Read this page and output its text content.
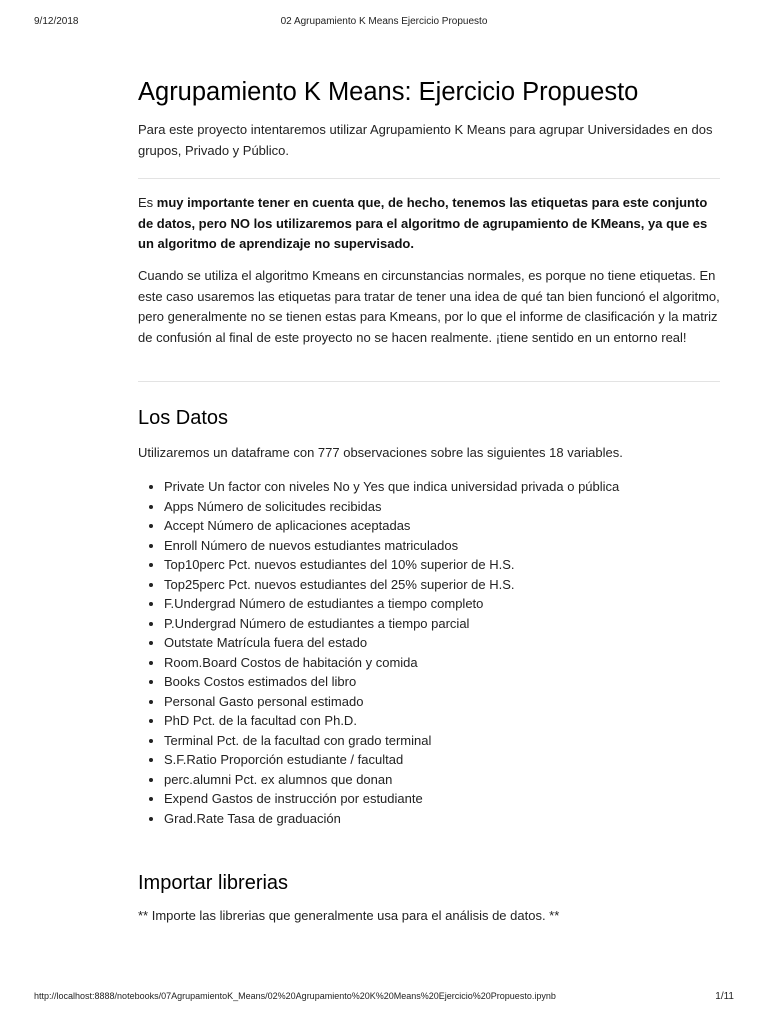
9/12/2018	02 Agrupamiento K Means Ejercicio Propuesto
Agrupamiento K Means: Ejercicio Propuesto

Para este proyecto intentaremos utilizar Agrupamiento K Means para agrupar Universidades en dos grupos, Privado y Público.

Es muy importante tener en cuenta que, de hecho, tenemos las etiquetas para este conjunto de datos, pero NO los utilizaremos para el algoritmo de agrupamiento de KMeans, ya que es un algoritmo de aprendizaje no supervisado.

Cuando se utiliza el algoritmo Kmeans en circunstancias normales, es porque no tiene etiquetas. En este caso usaremos las etiquetas para tratar de tener una idea de qué tan bien funcionó el algoritmo, pero generalmente no se tienen estas para Kmeans, por lo que el informe de clasificación y la matriz de confusión al final de este proyecto no se hacen realmente. ¡tiene sentido en un entorno real!

Los Datos

Utilizaremos un dataframe con 777 observaciones sobre las siguientes 18 variables.

Private Un factor con niveles No y Yes que indica universidad privada o pública
Apps Número de solicitudes recibidas
Accept Número de aplicaciones aceptadas
Enroll Número de nuevos estudiantes matriculados
Top10perc Pct. nuevos estudiantes del 10% superior de H.S.
Top25perc Pct. nuevos estudiantes del 25% superior de H.S.
F.Undergrad Número de estudiantes a tiempo completo
P.Undergrad Número de estudiantes a tiempo parcial
Outstate Matrícula fuera del estado
Room.Board Costos de habitación y comida
Books Costos estimados del libro
Personal Gasto personal estimado
PhD Pct. de la facultad con Ph.D.
Terminal Pct. de la facultad con grado terminal
S.F.Ratio Proporción estudiante / facultad
perc.alumni Pct. ex alumnos que donan
Expend Gastos de instrucción por estudiante
Grad.Rate Tasa de graduación
Importar librerias

** Importe las librerias que generalmente usa para el análisis de datos. **

http://localhost:8888/notebooks/07AgrupamientoK_Means/02%20Agrupamiento%20K%20Means%20Ejercicio%20Propuesto.ipynb	1/11
